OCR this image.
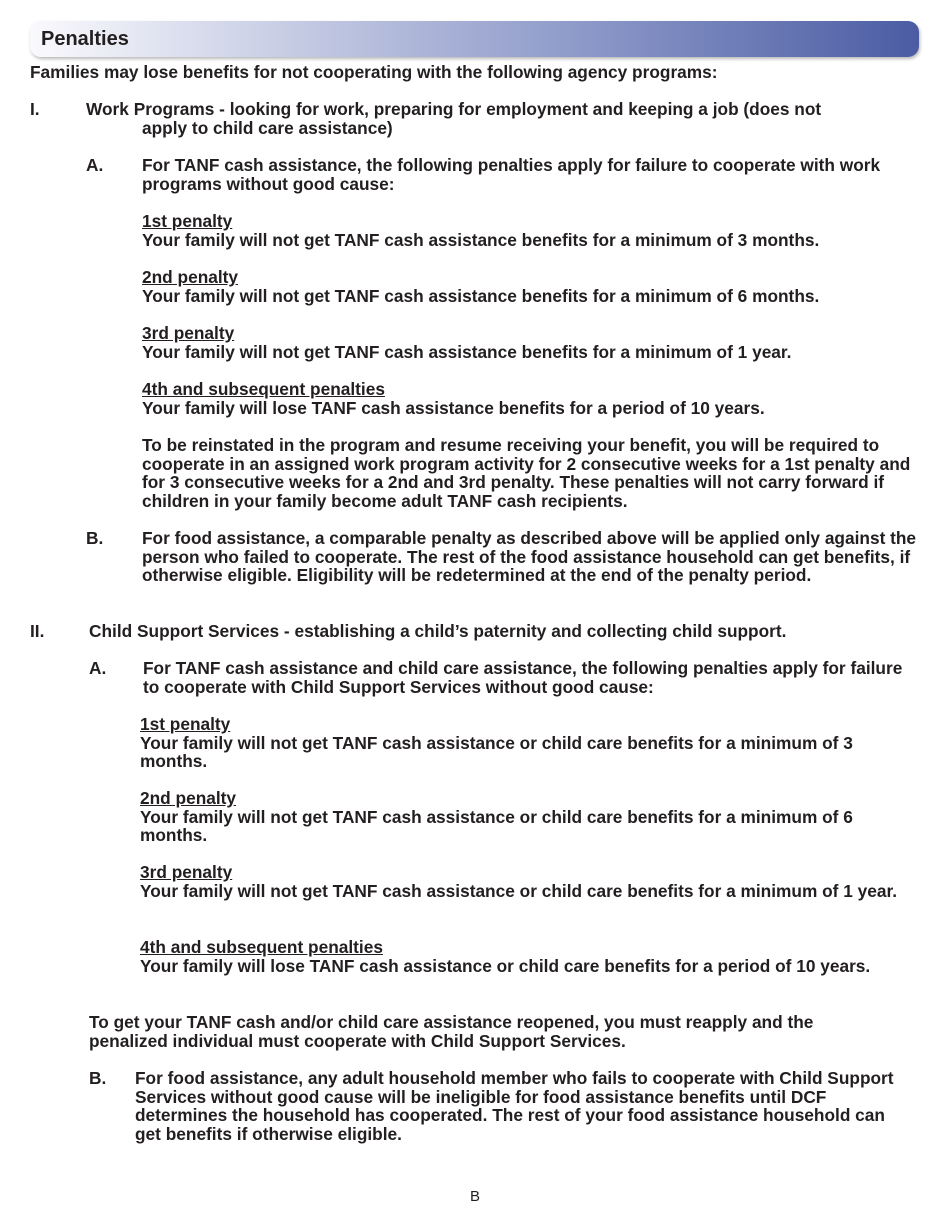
Penalties
Families may lose benefits for not cooperating with the following agency programs:
I.	Work Programs - looking for work, preparing for employment and keeping a job (does not
apply to child care assistance)
A. For TANF cash assistance, the following penalties apply for failure to cooperate with work programs without good cause:
1st penalty
Your family will not get TANF cash assistance benefits for a minimum of 3 months.
2nd penalty
Your family will not get TANF cash assistance benefits for a minimum of 6 months.
3rd penalty
Your family will not get TANF cash assistance benefits for a minimum of 1 year.
4th and subsequent penalties
Your family will lose TANF cash assistance benefits for a period of 10 years.
To be reinstated in the program and resume receiving your benefit, you will be required to cooperate in an assigned work program activity for 2 consecutive weeks for a 1st penalty and for 3 consecutive weeks for a 2nd and 3rd penalty. These penalties will not carry forward if children in your family become adult TANF cash recipients.
B. For food assistance, a comparable penalty as described above will be applied only against the person who failed to cooperate. The rest of the food assistance household can get benefits, if otherwise eligible. Eligibility will be redetermined at the end of the penalty period.
II.	Child Support Services - establishing a child’s paternity and collecting child support.
A. For TANF cash assistance and child care assistance, the following penalties apply for failure to cooperate with Child Support Services without good cause:
1st penalty
Your family will not get TANF cash assistance or child care benefits for a minimum of 3 months.
2nd penalty
Your family will not get TANF cash assistance or child care benefits for a minimum of 6 months.
3rd penalty
Your family will not get TANF cash assistance or child care benefits for a minimum of 1 year.
4th and subsequent penalties
Your family will lose TANF cash assistance or child care benefits for a period of 10 years.
To get your TANF cash and/or child care assistance reopened, you must reapply and the penalized individual must cooperate with Child Support Services.
B. For food assistance, any adult household member who fails to cooperate with Child Support Services without good cause will be ineligible for food assistance benefits until DCF determines the household has cooperated. The rest of your food assistance household can get benefits if otherwise eligible.
B
